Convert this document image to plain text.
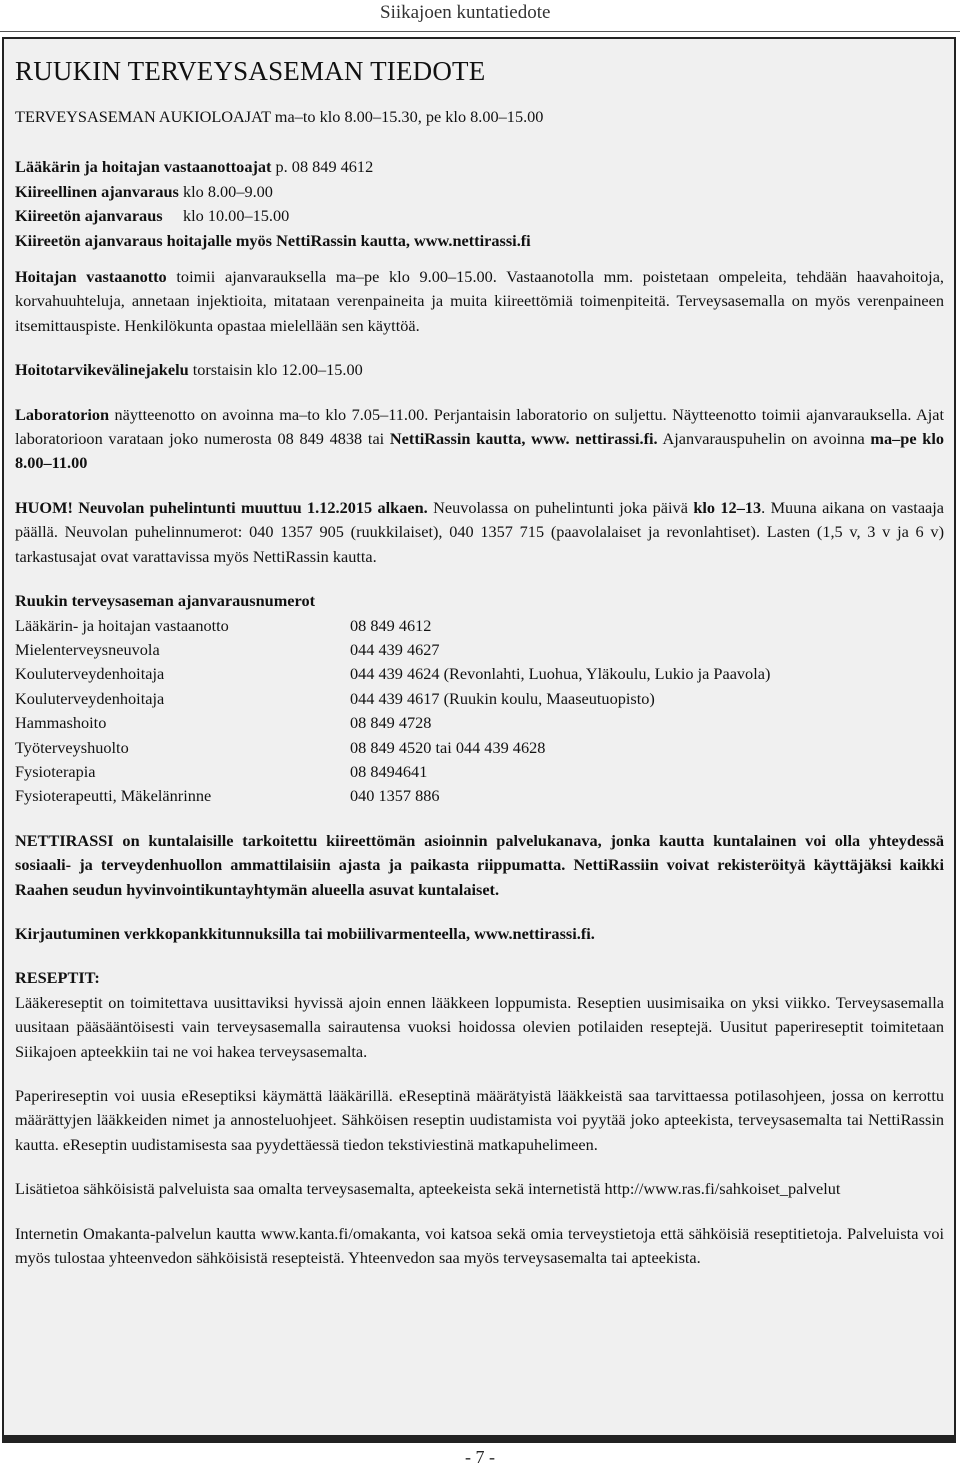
Siikajoen kuntatiedote
RUUKIN TERVEYSASEMAN TIEDOTE

TERVEYSASEMAN AUKIOLOAJAT ma–to klo 8.00–15.30, pe klo 8.00–15.00

Lääkärin ja hoitajan vastaanottoajat p. 08 849 4612

Kiireellinen ajanvaraus klo 8.00–9.00

Kiireetön ajanvaraus     klo 10.00–15.00

Kiireetön ajanvaraus hoitajalle myös NettiRassin kautta, www.nettirassi.fi

Hoitajan vastaanotto toimii ajanvarauksella ma–pe klo 9.00–15.00. Vastaanotolla mm. poistetaan ompeleita, tehdään haavahoitoja, korvahuuhteluja, annetaan injektioita, mitataan verenpaineita ja muita kiireettömiä toimenpiteitä. Terveysasemalla on myös verenpaineen itsemittauspiste. Henkilökunta opastaa mielellään sen käyttöä.

Hoitotarvikevälinejakelu torstaisin klo 12.00–15.00

Laboratorion näytteenotto on avoinna ma–to klo 7.05–11.00. Perjantaisin laboratorio on suljettu. Näytteenotto toimii ajanvarauksella. Ajat laboratorioon varataan joko numerosta 08 849 4838 tai NettiRassin kautta, www. nettirassi.fi. Ajanvarauspuhelin on avoinna ma–pe klo 8.00–11.00

HUOM! Neuvolan puhelintunti muuttuu 1.12.2015 alkaen. Neuvolassa on puhelintunti joka päivä klo 12–13. Muuna aikana on vastaaja päällä. Neuvolan puhelinnumerot: 040 1357 905 (ruukkilaiset), 040 1357 715 (paavolalaiset ja revonlahtiset). Lasten (1,5 v, 3 v ja 6 v) tarkastusajat ovat varattavissa myös NettiRassin kautta.

Ruukin terveysaseman ajanvarausnumerot

Lääkärin- ja hoitajan vastaanotto	08 849 4612
Mielenterveysneuvola	044 439 4627
Kouluterveydenhoitaja	044 439 4624 (Revonlahti, Luohua, Yläkoulu, Lukio ja Paavola)
Kouluterveydenhoitaja	044 439 4617 (Ruukin koulu, Maaseutuopisto)
Hammashoito	08 849 4728
Työterveyshuolto	08 849 4520 tai 044 439 4628
Fysioterapia	08 8494641
Fysioterapeutti, Mäkelänrinne	040 1357 886

NETTIRASSI on kuntalaisille tarkoitettu kiireettömän asioinnin palvelukanava, jonka kautta kuntalainen voi olla yhteydessä sosiaali- ja terveydenhuollon ammattilaisiin ajasta ja paikasta riippumatta. NettiRassiin voivat rekisteröityä käyttäjäksi kaikki Raahen seudun hyvinvointikuntayhtymän alueella asuvat kuntalaiset.

Kirjautuminen verkkopankkitunnuksilla tai mobiilivarmenteella, www.nettirassi.fi.

RESEPTIT:

Lääkereseptit on toimitettava uusittaviksi hyvissä ajoin ennen lääkkeen loppumista. Reseptien uusimisaika on yksi viikko. Terveysasemalla uusitaan pääsääntöisesti vain terveysasemalla sairautensa vuoksi hoidossa olevien potilaiden reseptejä. Uusitut paperireseptit toimitetaan Siikajoen apteekkiin tai ne voi hakea terveysasemalta.

Paperireseptin voi uusia eReseptiksi käymättä lääkärillä. eReseptinä määrätyistä lääkkeistä saa tarvittaessa potilasohjeen, jossa on kerrottu määrättyjen lääkkeiden nimet ja annosteluohjeet. Sähköisen reseptin uudistamista voi pyytää joko apteekista, terveysasemalta tai NettiRassin kautta. eReseptin uudistamisesta saa pyydettäessä tiedon tekstiviestinä matkapuhelimeen.

Lisätietoa sähköisistä palveluista saa omalta terveysasemalta, apteekeista sekä internetistä http://www.ras.fi/sahkoiset_palvelut

Internetin Omakanta-palvelun kautta www.kanta.fi/omakanta, voi katsoa sekä omia terveystietoja että sähköisiä reseptitietoja. Palveluista voi myös tulostaa yhteenvedon sähköisistä resepteistä. Yhteenvedon saa myös terveysasemalta tai apteekista.

- 7 -
